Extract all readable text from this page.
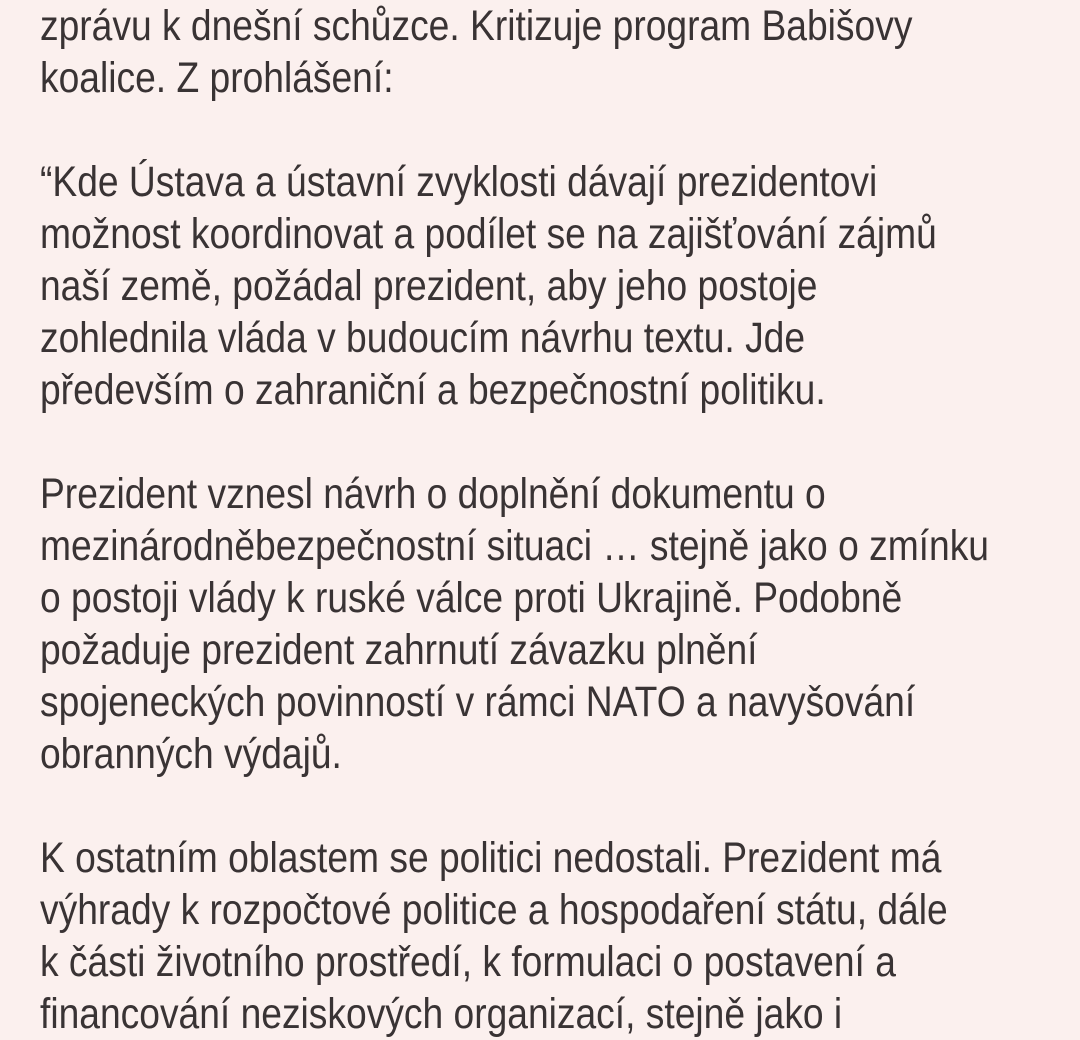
zprávu k dnešní schůzce. Kritizuje program Babišovy
koalice. Z prohlášení:

“Kde Ústava a ústavní zvyklosti dávají prezidentovi
možnost koordinovat a podílet se na zajišťování zájmů
naší země, požádal prezident, aby jeho postoje
zohlednila vláda v budoucím návrhu textu. Jde
především o zahraniční a bezpečnostní politiku.

Prezident vznesl návrh o doplnění dokumentu o
mezinárodněbezpečnostní situaci … stejně jako o zmínku
o postoji vlády k ruské válce proti Ukrajině. Podobně
požaduje prezident zahrnutí závazku plnění
spojeneckých povinností v rámci NATO a navyšování
obranných výdajů.

K ostatním oblastem se politici nedostali. Prezident má
výhrady k rozpočtové politice a hospodaření státu, dále
k části životního prostředí, k formulaci o postavení a
financování neziskových organizací, stejně jako i
